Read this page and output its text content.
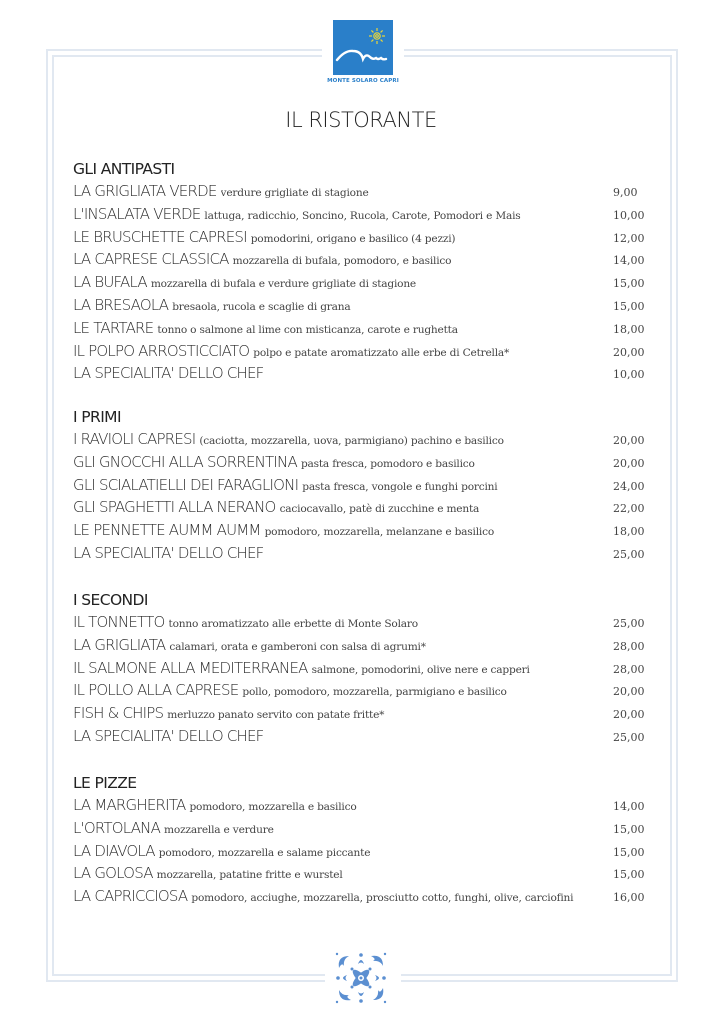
MONTE SOLARO CAPRI
IL RISTORANTE
GLI ANTIPASTI
LA GRIGLIATA VERDE verdure grigliate di stagione	9,00
L'INSALATA VERDE lattuga, radicchio, Soncino, Rucola, Carote, Pomodori e Mais	10,00
LE BRUSCHETTE CAPRESI pomodorini, origano e basilico (4 pezzi)	12,00
LA CAPRESE CLASSICA mozzarella di bufala, pomodoro, e basilico	14,00
LA BUFALA mozzarella di bufala e verdure grigliate di stagione	15,00
LA BRESAOLA bresaola, rucola e scaglie di grana	15,00
LE TARTARE tonno o salmone al lime con misticanza, carote e rughetta	18,00
IL POLPO ARROSTICCIATO polpo e patate aromatizzato alle erbe di Cetrella*	20,00
LA SPECIALITA' DELLO CHEF	10,00
I PRIMI
I RAVIOLI CAPRESI (caciotta, mozzarella, uova, parmigiano) pachino e basilico	20,00
GLI GNOCCHI ALLA SORRENTINA pasta fresca, pomodoro e basilico	20,00
GLI SCIALATIELLI DEI FARAGLIONI pasta fresca, vongole e funghi porcini	24,00
GLI SPAGHETTI ALLA NERANO caciocavallo, patè di zucchine e menta	22,00
LE PENNETTE AUMM AUMM pomodoro, mozzarella, melanzane e basilico	18,00
LA SPECIALITA' DELLO CHEF	25,00
I SECONDI
IL TONNETTO tonno aromatizzato alle erbette di Monte Solaro	25,00
LA GRIGLIATA calamari, orata e gamberoni con salsa di agrumi*	28,00
IL SALMONE ALLA MEDITERRANEA salmone, pomodorini, olive nere e capperi	28,00
IL POLLO ALLA CAPRESE pollo, pomodoro, mozzarella, parmigiano e basilico	20,00
FISH & CHIPS merluzzo panato servito con patate fritte*	20,00
LA SPECIALITA' DELLO CHEF	25,00
LE PIZZE
LA MARGHERITA pomodoro, mozzarella e basilico	14,00
L'ORTOLANA mozzarella e verdure	15,00
LA DIAVOLA pomodoro, mozzarella e salame piccante	15,00
LA GOLOSA mozzarella, patatine fritte e wurstel	15,00
LA CAPRICCIOSA pomodoro, acciughe, mozzarella, prosciutto cotto, funghi, olive, carciofini	16,00
